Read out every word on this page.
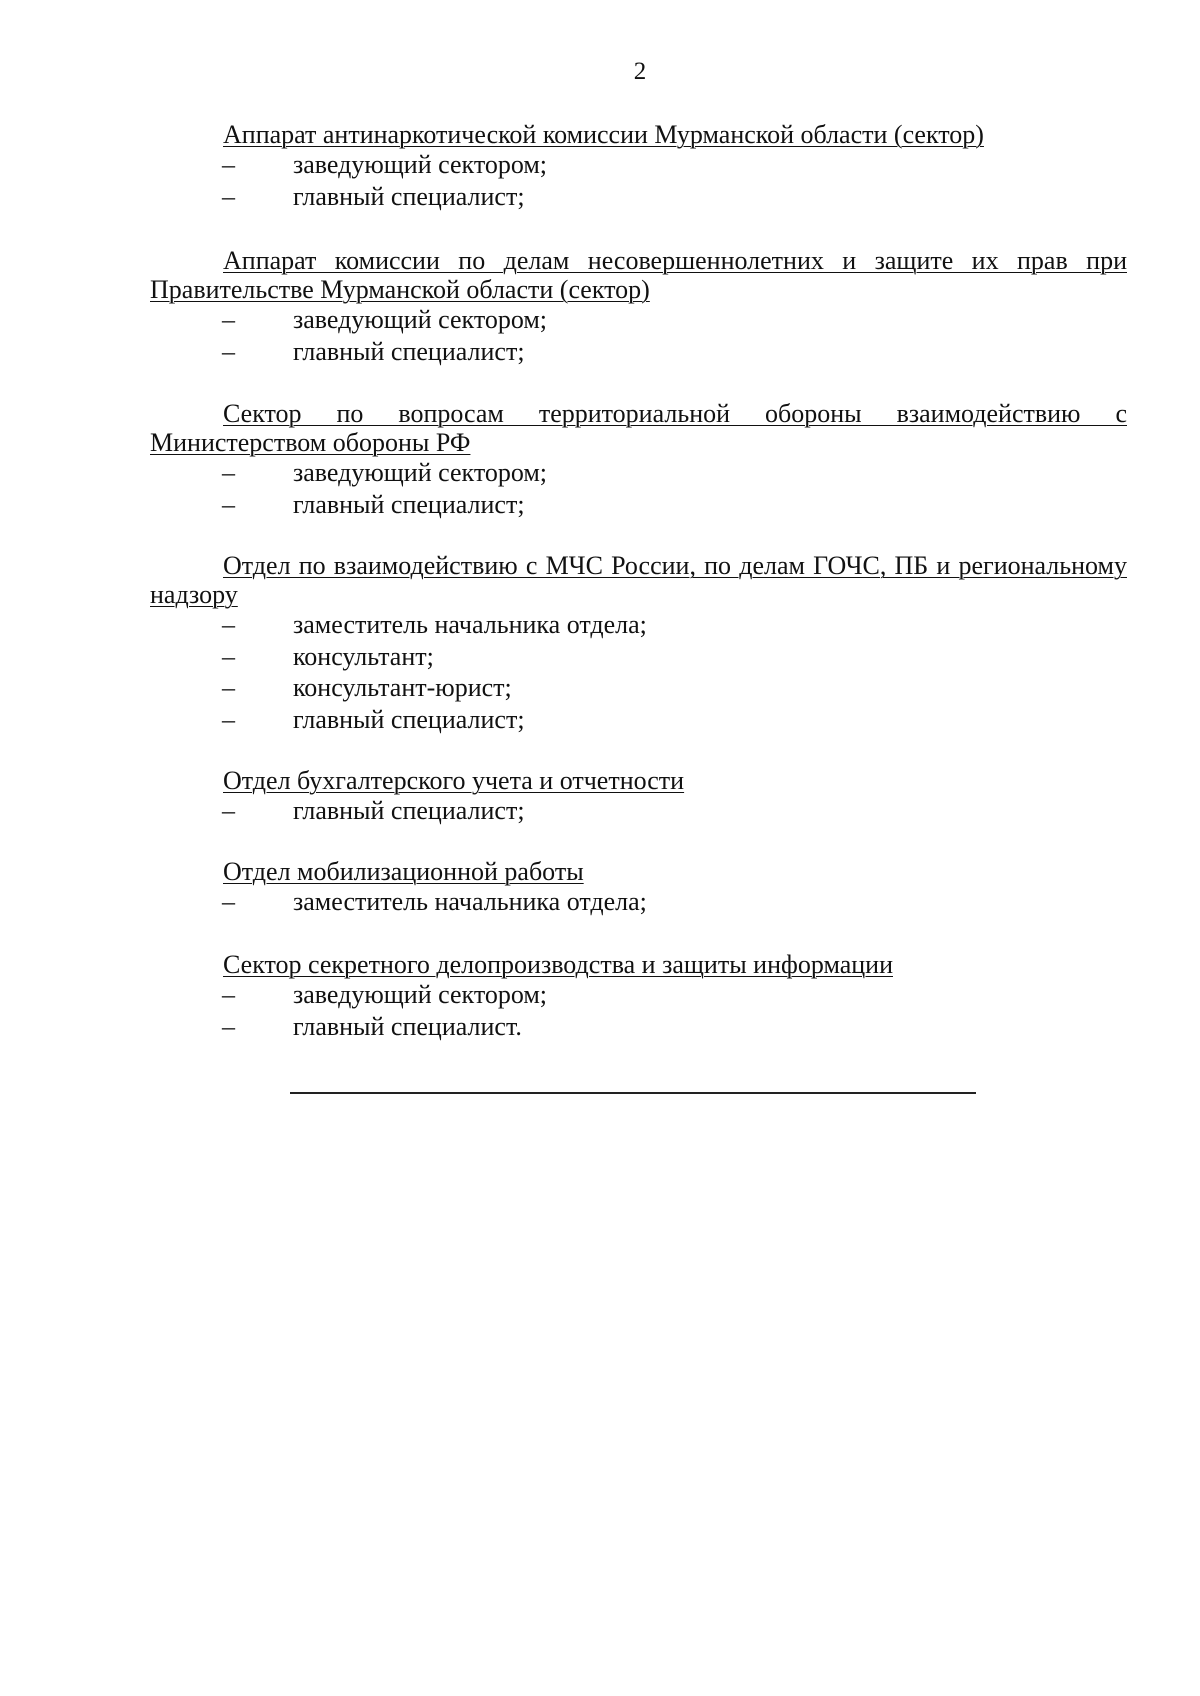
2

Аппарат антинаркотической комиссии Мурманской области (сектор)

–	заведующий сектором;
–	главный специалист;

Аппарат комиссии по делам несовершеннолетних и защите их прав при Правительстве Мурманской области (сектор)

–	заведующий сектором;
–	главный специалист;

Сектор по вопросам территориальной обороны взаимодействию с Министерством обороны РФ

–	заведующий сектором;
–	главный специалист;

Отдел по взаимодействию с МЧС России, по делам ГОЧС, ПБ и региональному надзору

–	заместитель начальника отдела;
–	консультант;
–	консультант-юрист;
–	главный специалист;

Отдел бухгалтерского учета и отчетности

–	главный специалист;

Отдел мобилизационной работы

–	заместитель начальника отдела;

Сектор секретного делопроизводства и защиты информации

–	заведующий сектором;
–	главный специалист.
